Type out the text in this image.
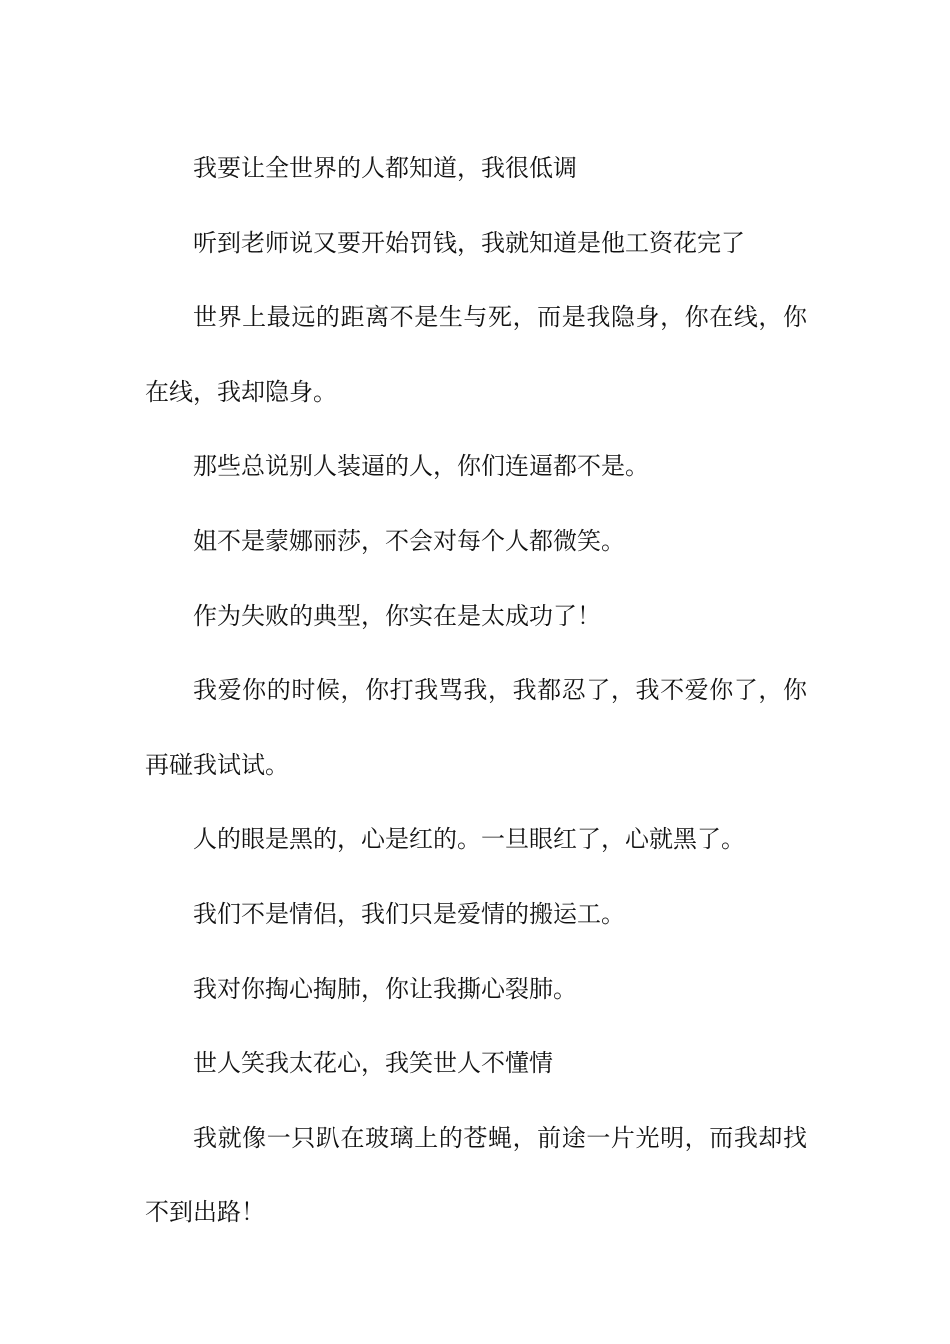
我要让全世界的人都知道，我很低调

听到老师说又要开始罚钱，我就知道是他工资花完了

世界上最远的距离不是生与死，而是我隐身，你在线，你在线，我却隐身。

那些总说别人装逼的人，你们连逼都不是。

姐不是蒙娜丽莎，不会对每个人都微笑。

作为失败的典型，你实在是太成功了！

我爱你的时候，你打我骂我，我都忍了，我不爱你了，你再碰我试试。

人的眼是黑的，心是红的。一旦眼红了，心就黑了。

我们不是情侣，我们只是爱情的搬运工。

我对你掏心掏肺，你让我撕心裂肺。

世人笑我太花心，我笑世人不懂情

我就像一只趴在玻璃上的苍蝇，前途一片光明，而我却找不到出路！
